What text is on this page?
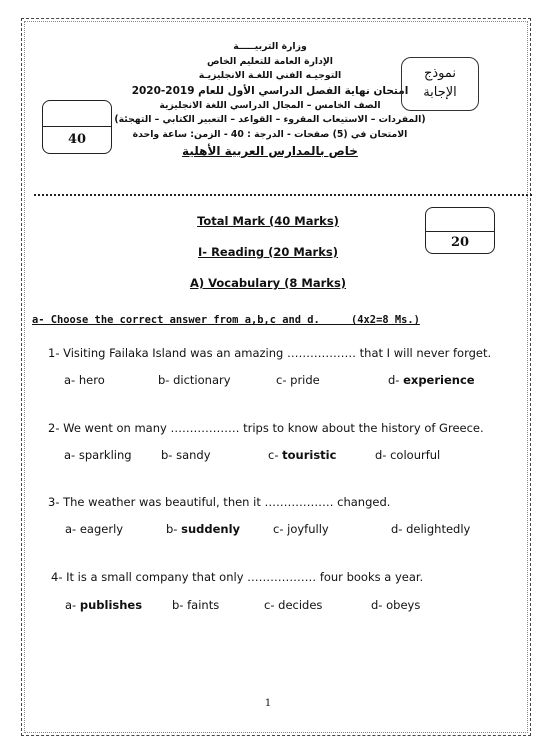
وزارة التربيـــــة
الإدارة العامة للتعليم الخاص
التوجيـه الفني اللغـة الانجليزيـة
امتحان نهاية الفصل الدراسي الأول للعام 2019-2020
الصف الخامس – المجال الدراسي اللغة الانجليزية
(المفردات – الاستيعاب المقروء – القواعد – التعبير الكتابي – التهجئة)
الامتحان في (5) صفحات - الدرجة : 40 - الزمن: ساعة واحدة
خاص بالمدارس العربية الأهلية
نموذج
الإجابة
40
20
Total Mark (40 Marks)
I- Reading (20 Marks)
A) Vocabulary (8 Marks)
a- Choose the correct answer from a,b,c and d.     (4x2=8 Ms.)
1- Visiting Failaka Island was an amazing ……………… that I will never forget.
a- hero	b- dictionary	c- pride	d- experience
2- We went on many ……………… trips to know about the history of Greece.
a- sparkling	b- sandy	c- touristic	d- colourful
3- The weather was beautiful, then it ……………… changed.
a- eagerly	b- suddenly	c- joyfully	d- delightedly
4- It is a small company that only ……………… four books a year.
a- publishes	b- faints	c- decides	d- obeys
1
